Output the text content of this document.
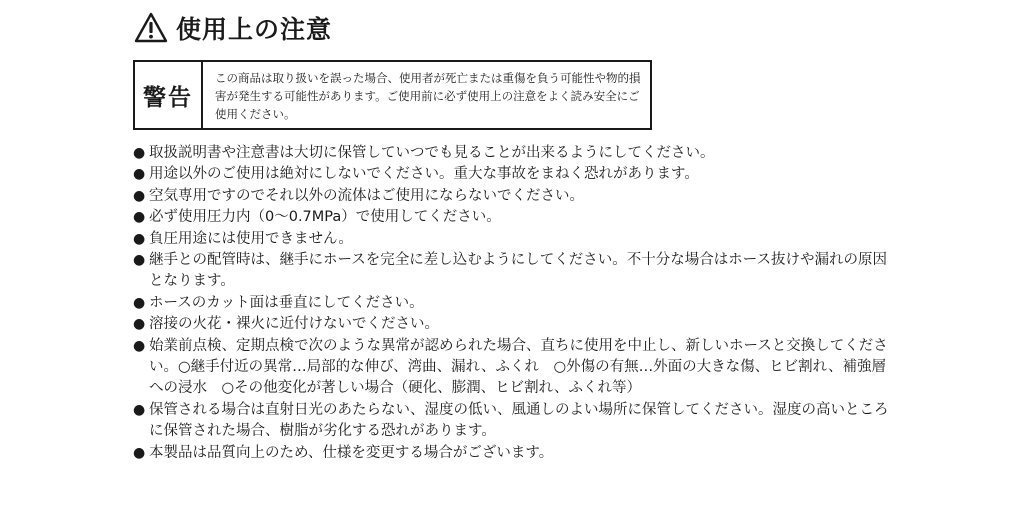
使用上の注意
警告
この商品は取り扱いを誤った場合、使用者が死亡または重傷を負う可能性や物的損害が発生する可能性があります。ご使用前に必ず使用上の注意をよく読み安全にご使用ください。
● 取扱説明書や注意書は大切に保管していつでも見ることが出来るようにしてください。
● 用途以外のご使用は絶対にしないでください。重大な事故をまねく恐れがあります。
● 空気専用ですのでそれ以外の流体はご使用にならないでください。
● 必ず使用圧力内（0〜0.7MPa）で使用してください。
● 負圧用途には使用できません。
● 継手との配管時は、継手にホースを完全に差し込むようにしてください。不十分な場合はホース抜けや漏れの原因となります。
● ホースのカット面は垂直にしてください。
● 溶接の火花・裸火に近付けないでください。
● 始業前点検、定期点検で次のような異常が認められた場合、直ちに使用を中止し、新しいホースと交換してください。○継手付近の異常…局部的な伸び、湾曲、漏れ、ふくれ　○外傷の有無…外面の大きな傷、ヒビ割れ、補強層への浸水　○その他変化が著しい場合（硬化、膨潤、ヒビ割れ、ふくれ等）
● 保管される場合は直射日光のあたらない、湿度の低い、風通しのよい場所に保管してください。湿度の高いところに保管された場合、樹脂が劣化する恐れがあります。
● 本製品は品質向上のため、仕様を変更する場合がございます。
